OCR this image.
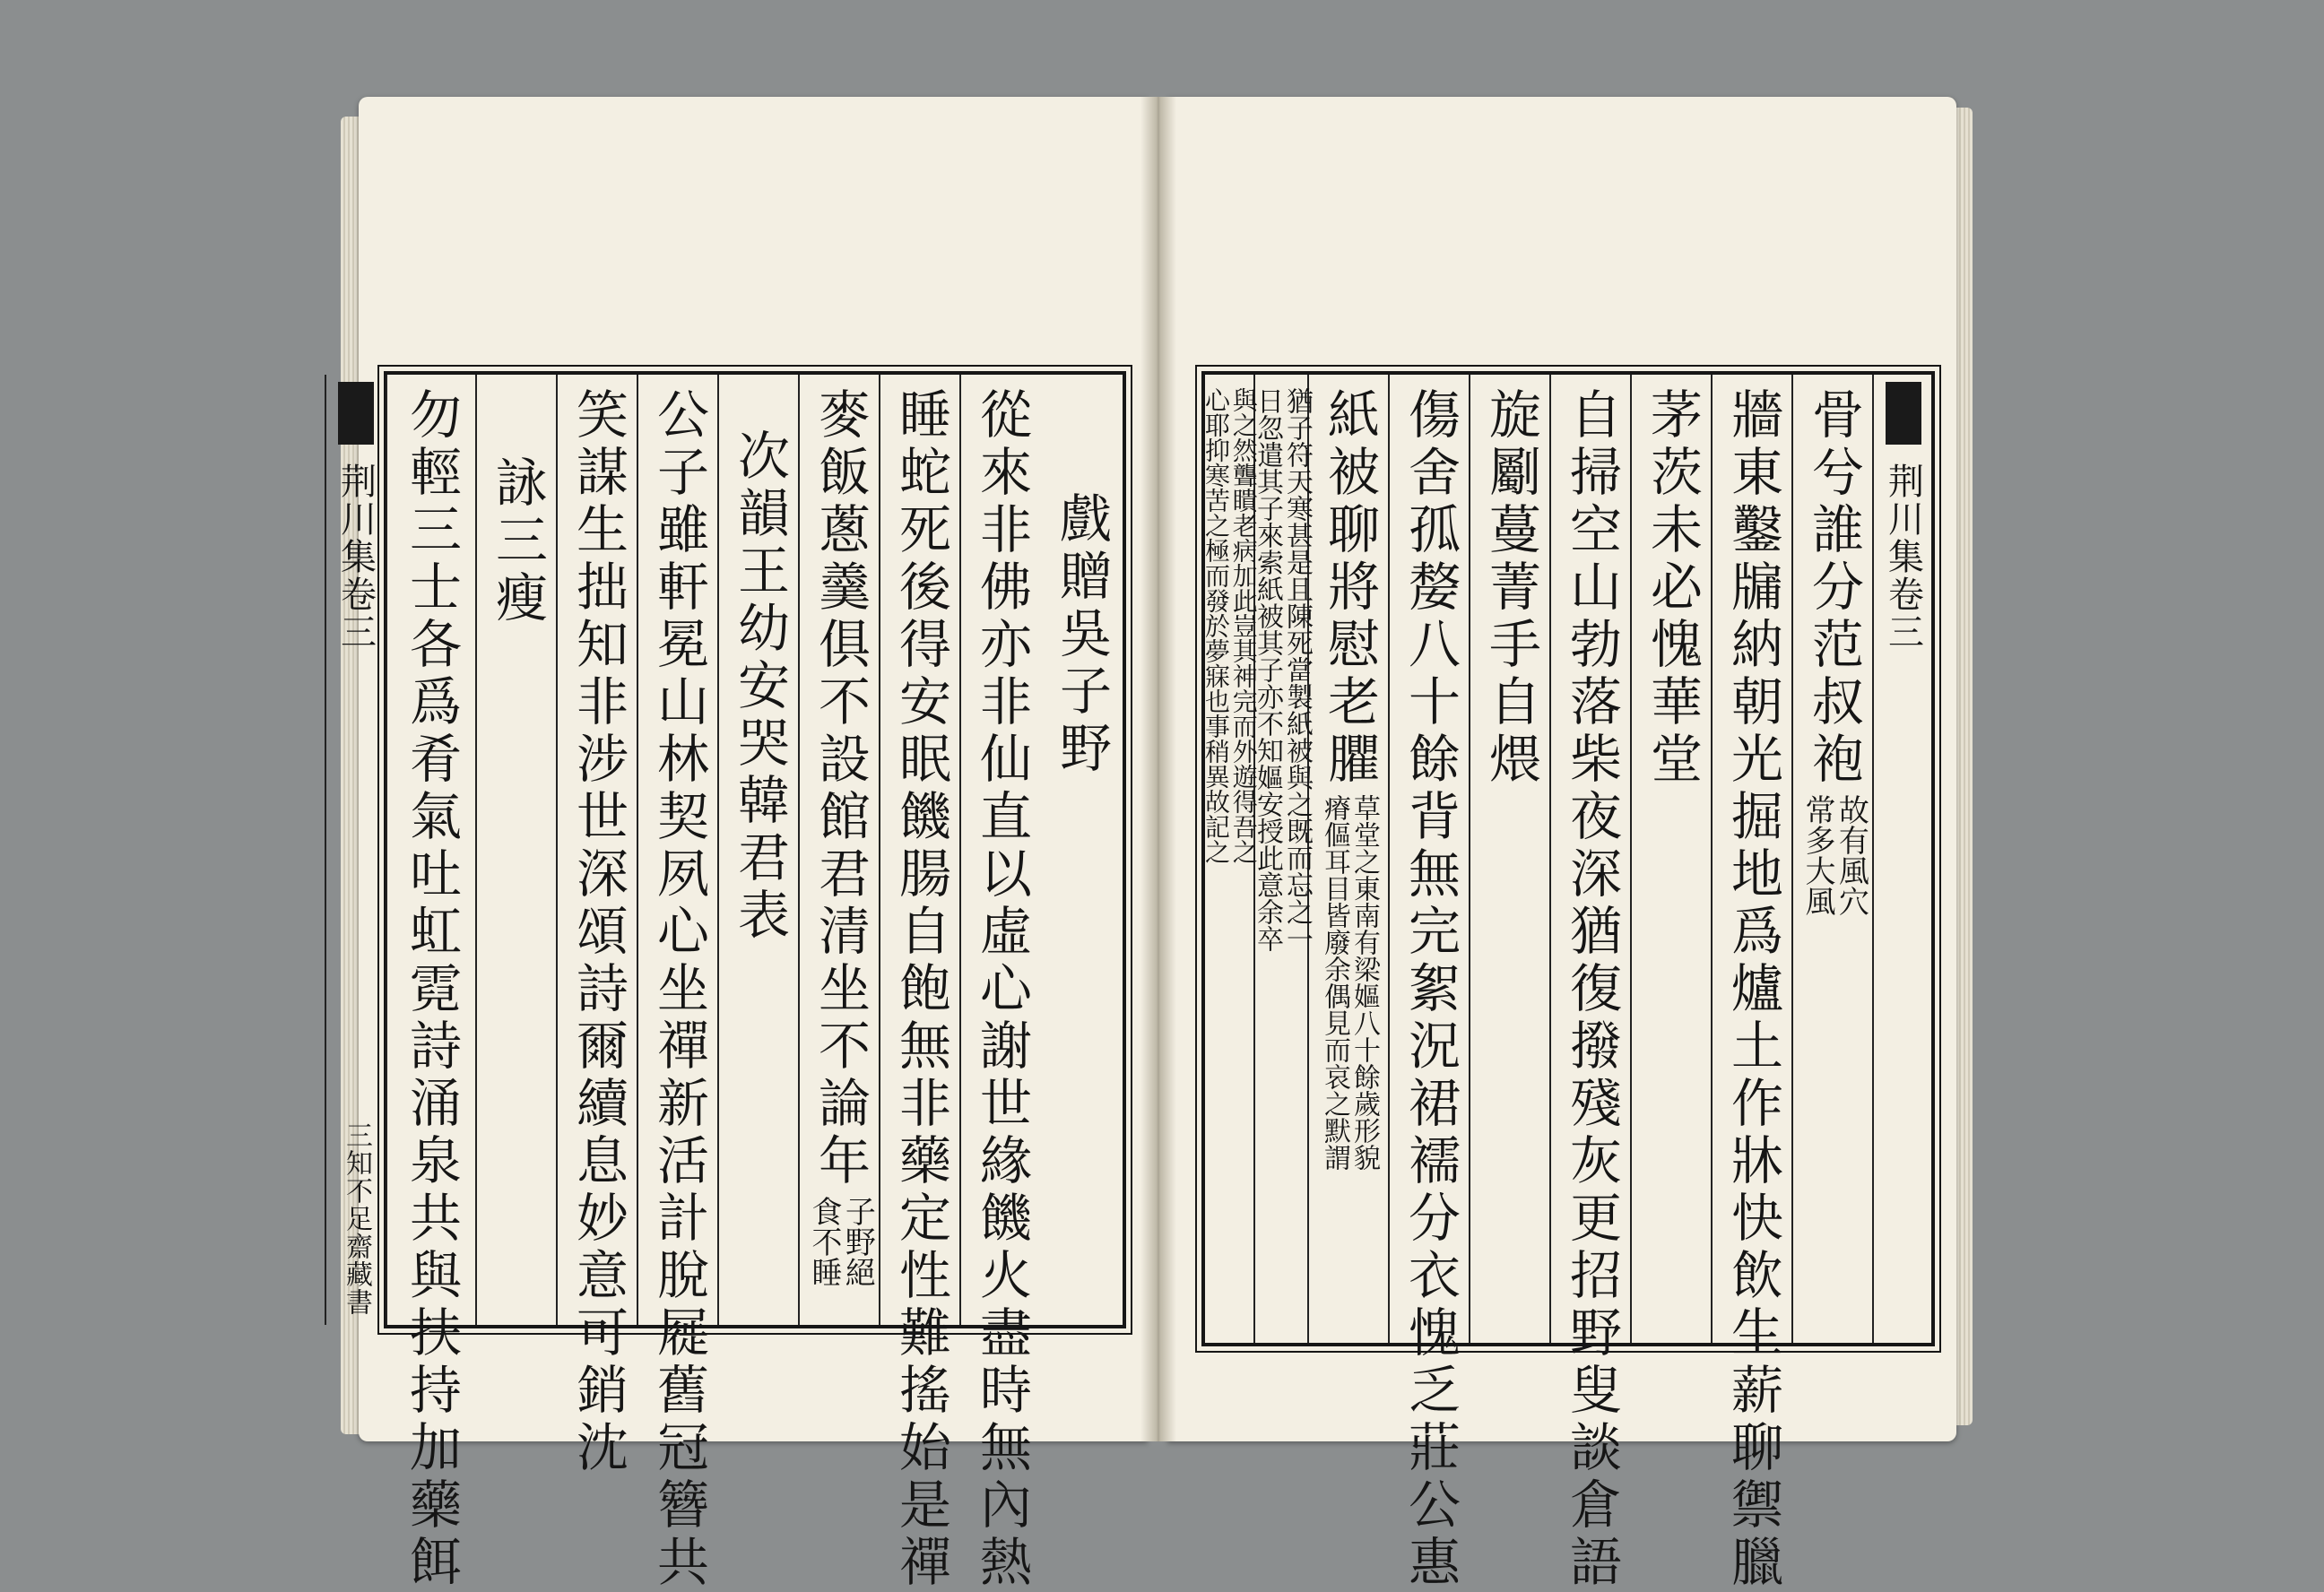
荆川集卷三
三
知不足齋藏書
戲贈吳子野
從來非佛亦非仙直以虛心謝世緣饑火盡時無內熱
睡蛇死後得安眠饑腸自飽無非藥定性難搖始是禪
麥飯蔥羹俱不設館君清坐不論年
子野絕
食不睡
次韻王幼安哭韓君表
公子雖軒冕山林契夙心坐禪新活計脫屣舊冠簪共
笑謀生拙知非涉世深頌詩爾續息妙意可銷沈
詠三瘦
勿輕三士各爲肴氣吐虹霓詩涌泉共與扶持加藥餌	荆川集卷三
骨兮誰分范叔袍
故有風穴
常多大風
牆東鑿牖納朝光掘地爲爐土作牀快飲生薪聊禦臘
茅茨未必愧華堂
自掃空山勃落柴夜深猶復撥殘灰更招野叟談倉語
旋劚蔓菁手自煨
傷舍孤嫠八十餘背無完絮況裙襦分衣愧乏莊公惠
紙被聊將慰老臞
草堂之東南有梁嫗八十餘歲形貌
瘠傴耳目皆廢余偶見而哀之默謂
猶子符天寒甚是且陳死當製紙被與之既而忘之一
日忽遣其子來索紙被其子亦不知嫗安授此意余卒
與之然聾瞶老病加此豈其神完而外遊得吾之
心耶抑寒苦之極而發於夢寐也事稍異故記之
